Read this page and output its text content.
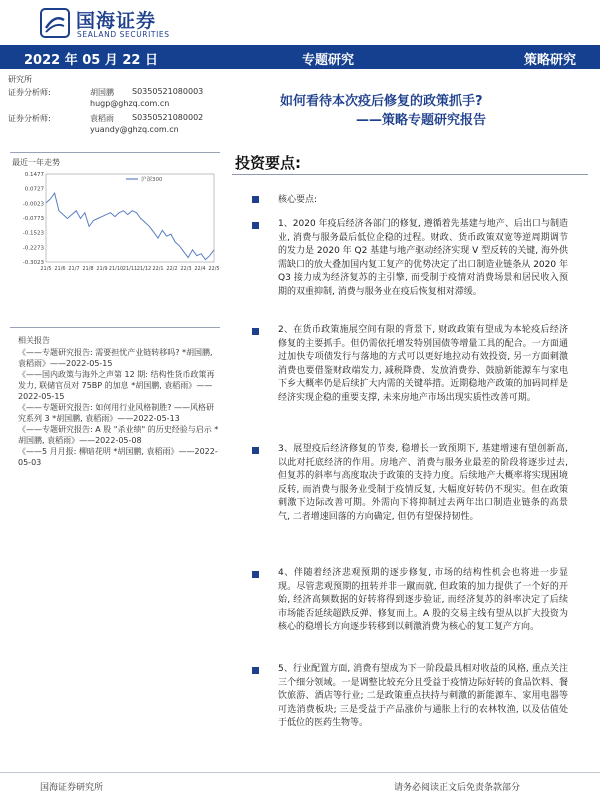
国海证券
SEALAND SECURITIES
2022 年 05 月 22 日	专题研究	策略研究
研究所
证券分析师:	胡国鹏 S0350521080003
hugp@ghzq.com.cn
证券分析师:	袁稻雨 S0350521080002
yuandy@ghzq.com.cn
最近一年走势
0.1477
0.0727
-0.0023
-0.0773
-0.1523
-0.2273
-0.3023
21/5 21/6 21/7 21/8 21/9 21/10 21/11 21/12 22/1 22/2 22/3 22/4 22/5
沪深300
相关报告

《——专题研究报告: 需要担忧产业链转移吗? *胡国鹏, 袁稻雨》——2022-05-15

《——国内政策与海外之声第 12 期: 结构性货币政策再发力, 联储官员对 75BP 的加息 *胡国鹏, 袁稻雨》——2022-05-15

《——专题研究报告: 如何用行业风格制胜? ——风格研究系列 3 *胡国鹏, 袁稻雨》——2022-05-13

《——专题研究报告: A 股 "杀业绩" 的历史经验与启示 *胡国鹏, 袁稻雨》——2022-05-08

《——5 月月报: 柳暗花明 *胡国鹏, 袁稻雨》——2022-05-03

如何看待本次疫后修复的政策抓手?
——策略专题研究报告
投资要点:
核心要点:
1、2020 年疫后经济各部门的修复, 遵循着先基建与地产、后出口与制造业, 消费与服务最后低位企稳的过程。财政、货币政策双宽等逆周期调节的发力是 2020 年 Q2 基建与地产驱动经济实现 V 型反转的关键, 海外供需缺口的放大叠加国内复工复产的优势决定了出口制造业链条从 2020 年 Q3 接力成为经济复苏的主引擎, 而受制于疫情对消费场景和居民收入预期的双重抑制, 消费与服务业在疫后恢复相对滞缓。
2、在货币政策施展空间有限的背景下, 财政政策有望成为本轮疫后经济修复的主要抓手。但仍需依托增发特别国债等增量工具的配合。一方面通过加快专项债发行与落地的方式可以更好地拉动有效投资, 另一方面刺激消费也要借鉴财政端发力, 减税降费、发放消费券、鼓励新能源车与家电下乡大概率仍是后续扩大内需的关键举措。近期稳地产政策的加码同样是经济实现企稳的重要支撑, 未来房地产市场出现实质性改善可期。
3、展望疫后经济修复的节奏, 稳增长一致预期下, 基建增速有望创新高, 以此对托底经济的作用。房地产、消费与服务业最差的阶段将逐步过去, 但复苏的斜率与高度取决于政策的支持力度。后续地产大概率将实现困境反转, 而消费与服务业受制于疫情反复, 大幅度好转仍不现实。但在政策刺激下边际改善可期。外需向下将抑制过去两年出口制造业链条的高景气, 二者增速回落的方向确定, 但仍有望保持韧性。
4、伴随着经济悲观预期的逐步修复, 市场的结构性机会也将进一步显现。尽管悲观预期的扭转并非一蹴而就, 但政策的加力提供了一个好的开始, 经济高频数据的好转将得到逐步验证, 而经济复苏的斜率决定了后续市场能否延续超跌反弹、修复而上。A 股的交易主线有望从以扩大投资为核心的稳增长方向逐步转移到以刺激消费为核心的复工复产方向。
5、行业配置方面, 消费有望成为下一阶段最具相对收益的风格, 重点关注三个细分领域。一是调整比较充分且受益于疫情边际好转的食品饮料、餐饮旅游、酒店等行业; 二是政策重点扶持与刺激的新能源车、家用电器等可选消费板块; 三是受益于产品涨价与通胀上行的农林牧渔, 以及估值处于低位的医药生物等。
国海证券研究所	请务必阅读正文后免责条款部分
